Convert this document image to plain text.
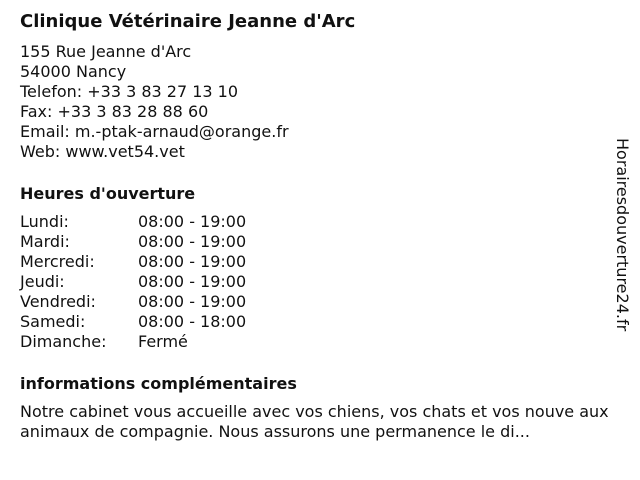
Clinique Vétérinaire Jeanne d'Arc
155 Rue Jeanne d'Arc
54000 Nancy
Telefon: +33 3 83 27 13 10
Fax: +33 3 83 28 88 60
Email: m.-ptak-arnaud@orange.fr
Web: www.vet54.vet
Heures d'ouverture
Lundi:	08:00 - 19:00
Mardi:	08:00 - 19:00
Mercredi:	08:00 - 19:00
Jeudi:	08:00 - 19:00
Vendredi:	08:00 - 19:00
Samedi:	08:00 - 18:00
Dimanche:	Fermé
informations complémentaires
Notre cabinet vous accueille avec vos chiens, vos chats et vos nouve aux animaux de compagnie. Nous assurons une permanence le di...
Horairesdouverture24.fr
